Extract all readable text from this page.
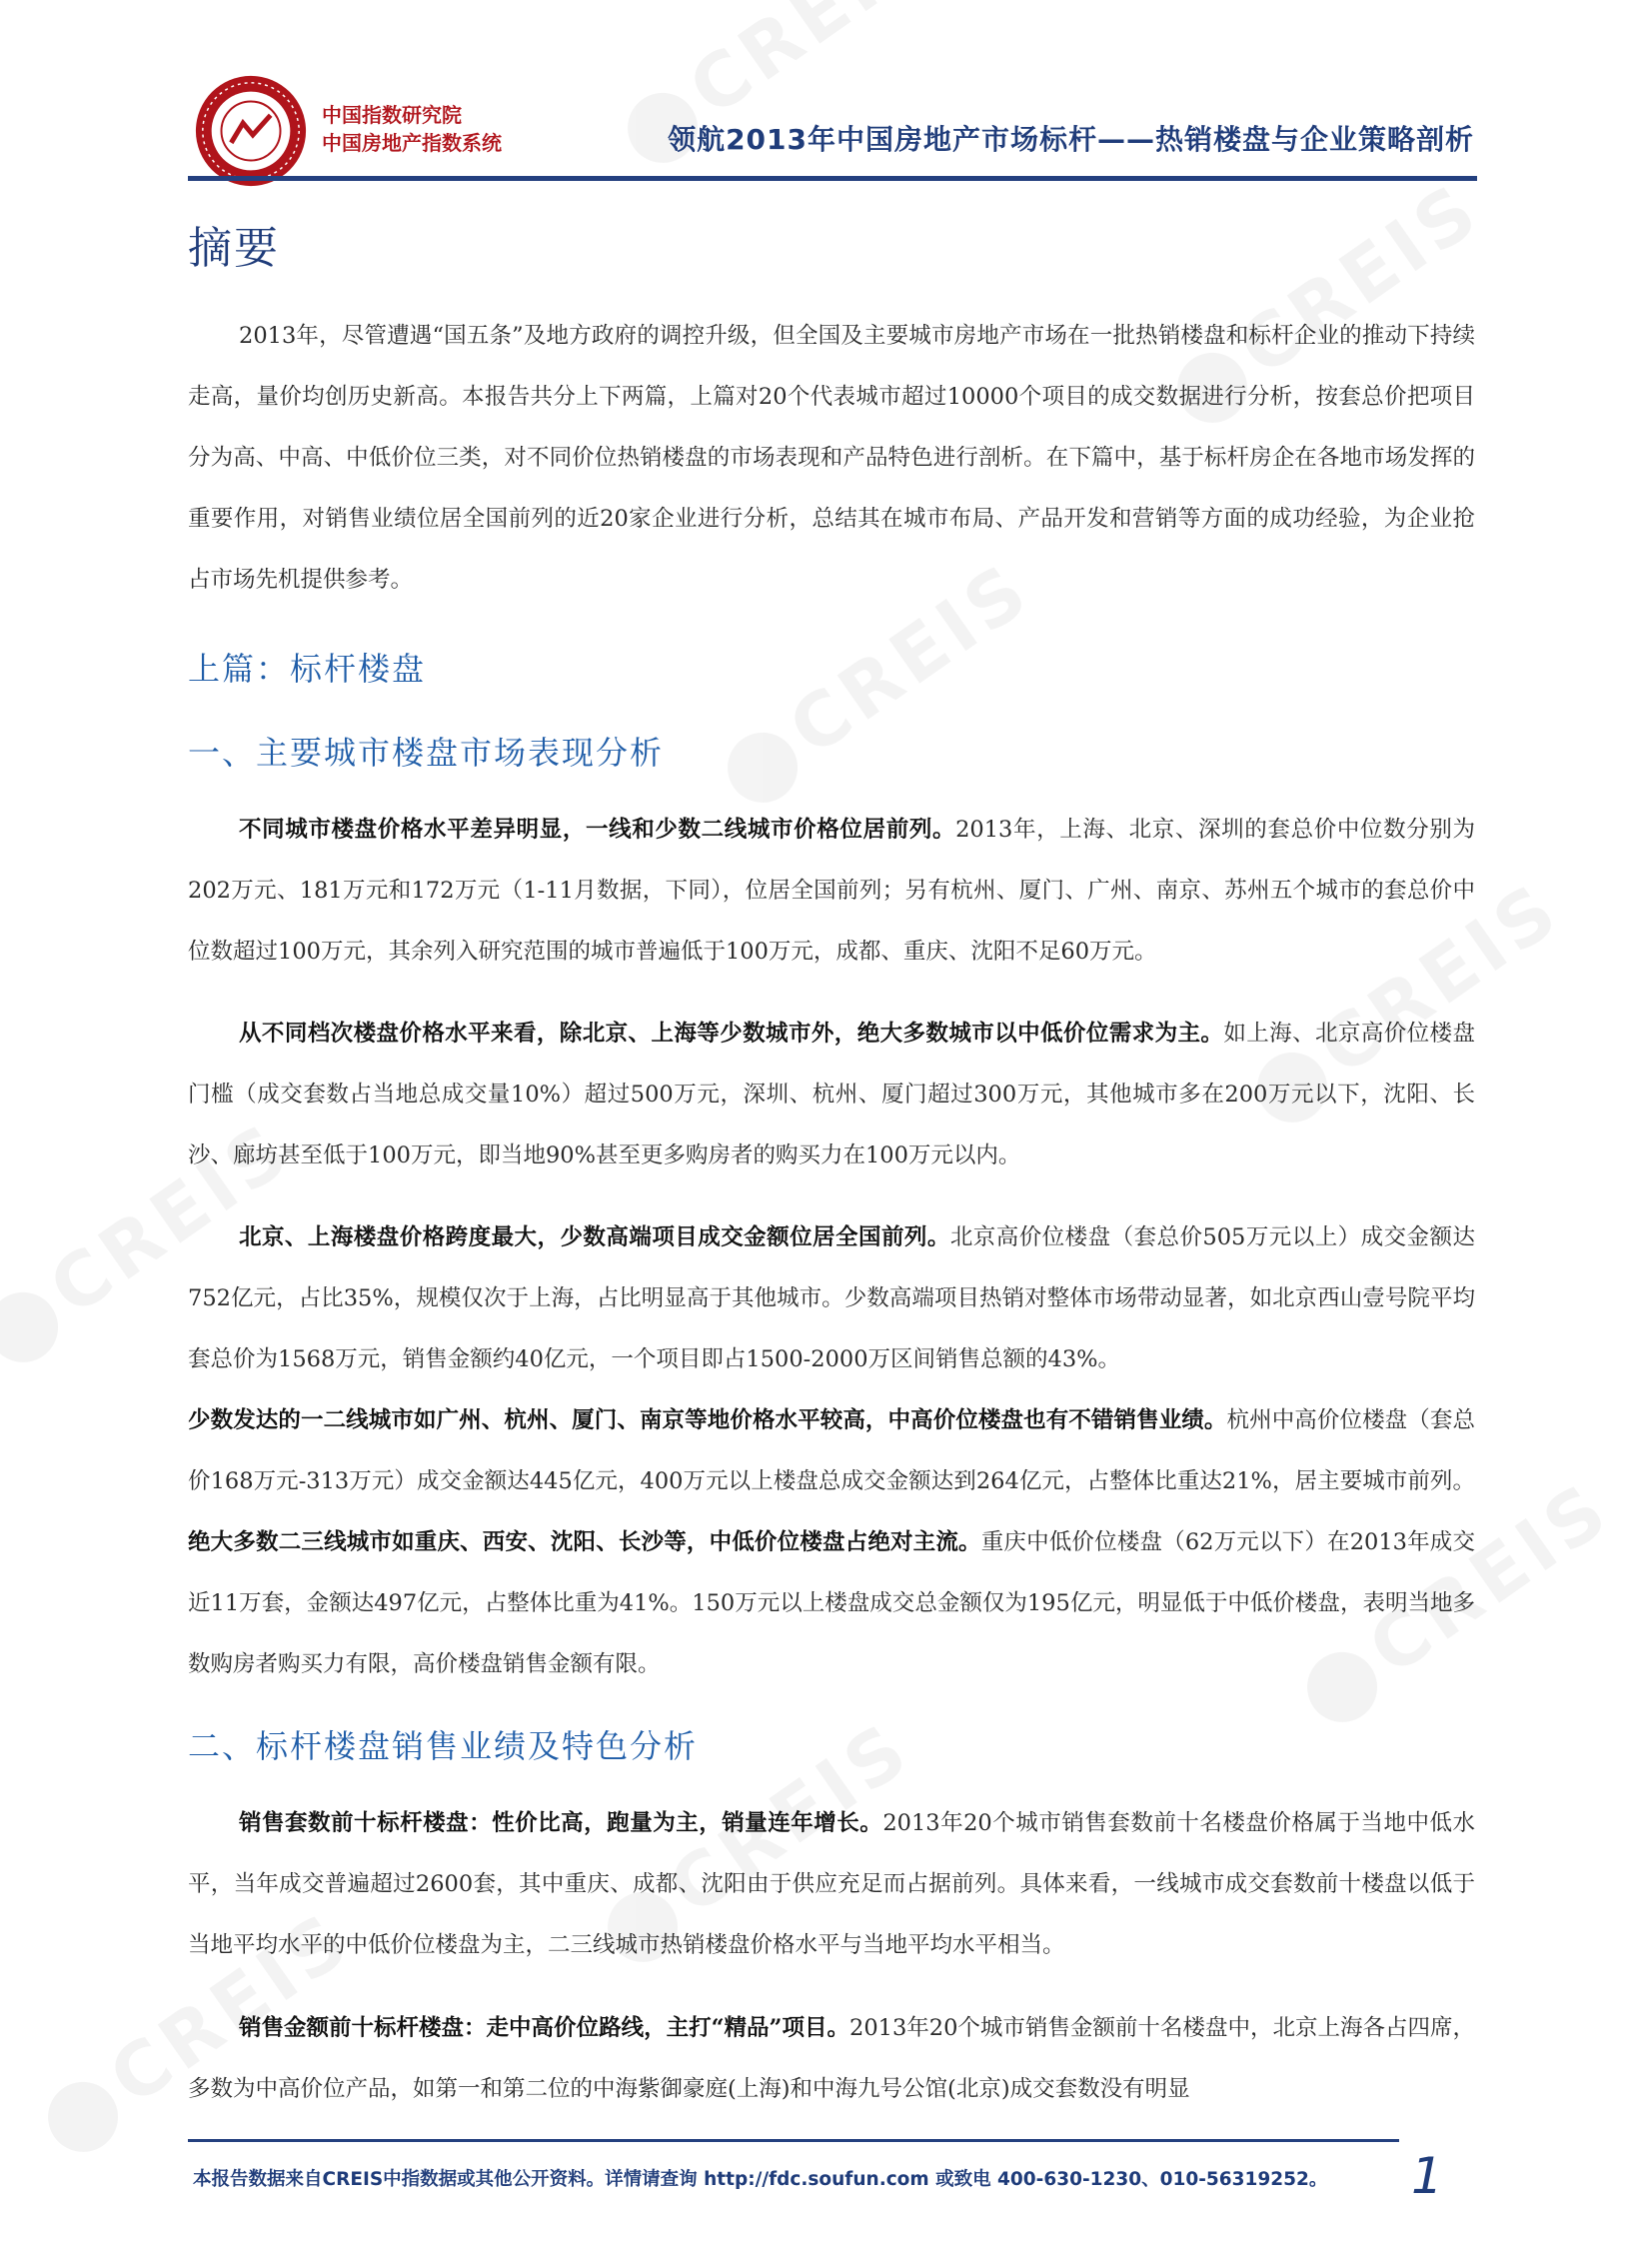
中国指数研究院
中国房地产指数系统	领航2013年中国房地产市场标杆——热销楼盘与企业策略剖析
摘要
2013年，尽管遭遇“国五条”及地方政府的调控升级，但全国及主要城市房地产市场在一批热销楼盘和标杆企业的推动下持续走高，量价均创历史新高。本报告共分上下两篇，上篇对20个代表城市超过10000个项目的成交数据进行分析，按套总价把项目分为高、中高、中低价位三类，对不同价位热销楼盘的市场表现和产品特色进行剖析。在下篇中，基于标杆房企在各地市场发挥的重要作用，对销售业绩位居全国前列的近20家企业进行分析，总结其在城市布局、产品开发和营销等方面的成功经验，为企业抢占市场先机提供参考。
上篇：标杆楼盘
一、主要城市楼盘市场表现分析
不同城市楼盘价格水平差异明显，一线和少数二线城市价格位居前列。2013年，上海、北京、深圳的套总价中位数分别为202万元、181万元和172万元（1-11月数据，下同），位居全国前列；另有杭州、厦门、广州、南京、苏州五个城市的套总价中位数超过100万元，其余列入研究范围的城市普遍低于100万元，成都、重庆、沈阳不足60万元。
从不同档次楼盘价格水平来看，除北京、上海等少数城市外，绝大多数城市以中低价位需求为主。如上海、北京高价位楼盘门槛（成交套数占当地总成交量10%）超过500万元，深圳、杭州、厦门超过300万元，其他城市多在200万元以下，沈阳、长沙、廊坊甚至低于100万元，即当地90%甚至更多购房者的购买力在100万元以内。
北京、上海楼盘价格跨度最大，少数高端项目成交金额位居全国前列。北京高价位楼盘（套总价505万元以上）成交金额达752亿元，占比35%，规模仅次于上海，占比明显高于其他城市。少数高端项目热销对整体市场带动显著，如北京西山壹号院平均套总价为1568万元，销售金额约40亿元，一个项目即占1500-2000万区间销售总额的43%。
少数发达的一二线城市如广州、杭州、厦门、南京等地价格水平较高，中高价位楼盘也有不错销售业绩。杭州中高价位楼盘（套总价168万元-313万元）成交金额达445亿元，400万元以上楼盘总成交金额达到264亿元，占整体比重达21%，居主要城市前列。绝大多数二三线城市如重庆、西安、沈阳、长沙等，中低价位楼盘占绝对主流。重庆中低价位楼盘（62万元以下）在2013年成交近11万套，金额达497亿元，占整体比重为41%。150万元以上楼盘成交总金额仅为195亿元，明显低于中低价楼盘，表明当地多数购房者购买力有限，高价楼盘销售金额有限。
二、标杆楼盘销售业绩及特色分析
销售套数前十标杆楼盘：性价比高，跑量为主，销量连年增长。2013年20个城市销售套数前十名楼盘价格属于当地中低水平，当年成交普遍超过2600套，其中重庆、成都、沈阳由于供应充足而占据前列。具体来看，一线城市成交套数前十楼盘以低于当地平均水平的中低价位楼盘为主，二三线城市热销楼盘价格水平与当地平均水平相当。
销售金额前十标杆楼盘：走中高价位路线，主打“精品”项目。2013年20个城市销售金额前十名楼盘中，北京上海各占四席，多数为中高价位产品，如第一和第二位的中海紫御豪庭(上海)和中海九号公馆(北京)成交套数没有明显
本报告数据来自CREIS中指数据或其他公开资料。详情请查询 http://fdc.soufun.com 或致电 400-630-1230、010-56319252。 1
